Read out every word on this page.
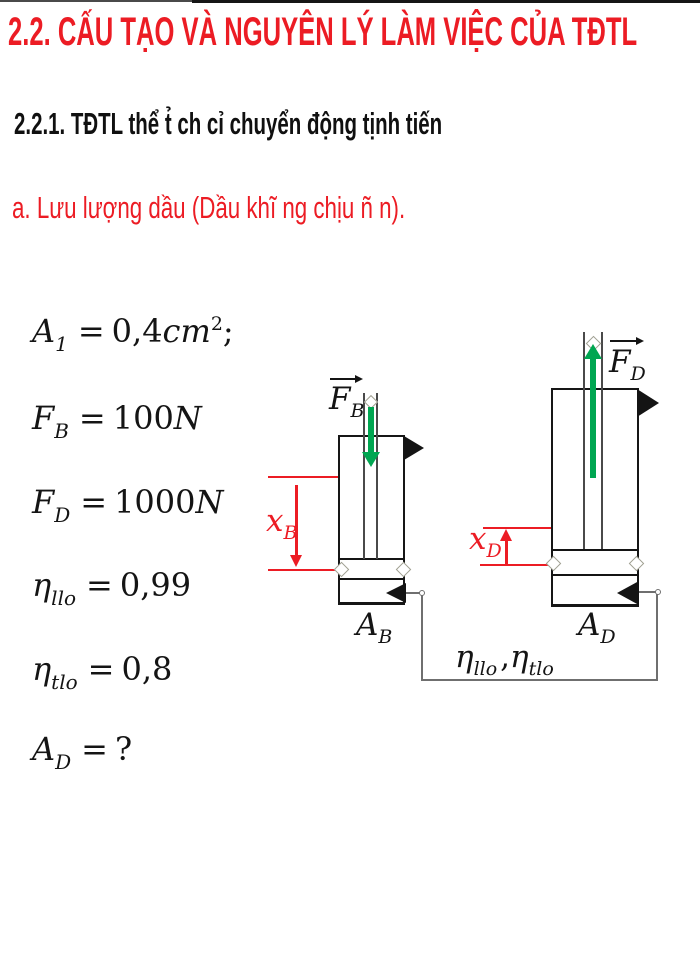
2.2. CẤU TẠO VÀ NGUYÊN LÝ LÀM VIỆC CỦA TĐTL
2.2.1. TĐTL thể t̉ ch cỉ chuyển động tịnh tiến
a. Lưu lượng dầu (Dầu khĩ ng chịu ñ n).
A1 = 0,4cm2;
FB = 100N
FD = 1000N
ηllo = 0,99
ηtlo = 0,8
AD = ?
FB
xB
AB
FD
xD
AD
ηllo,ηtlo
